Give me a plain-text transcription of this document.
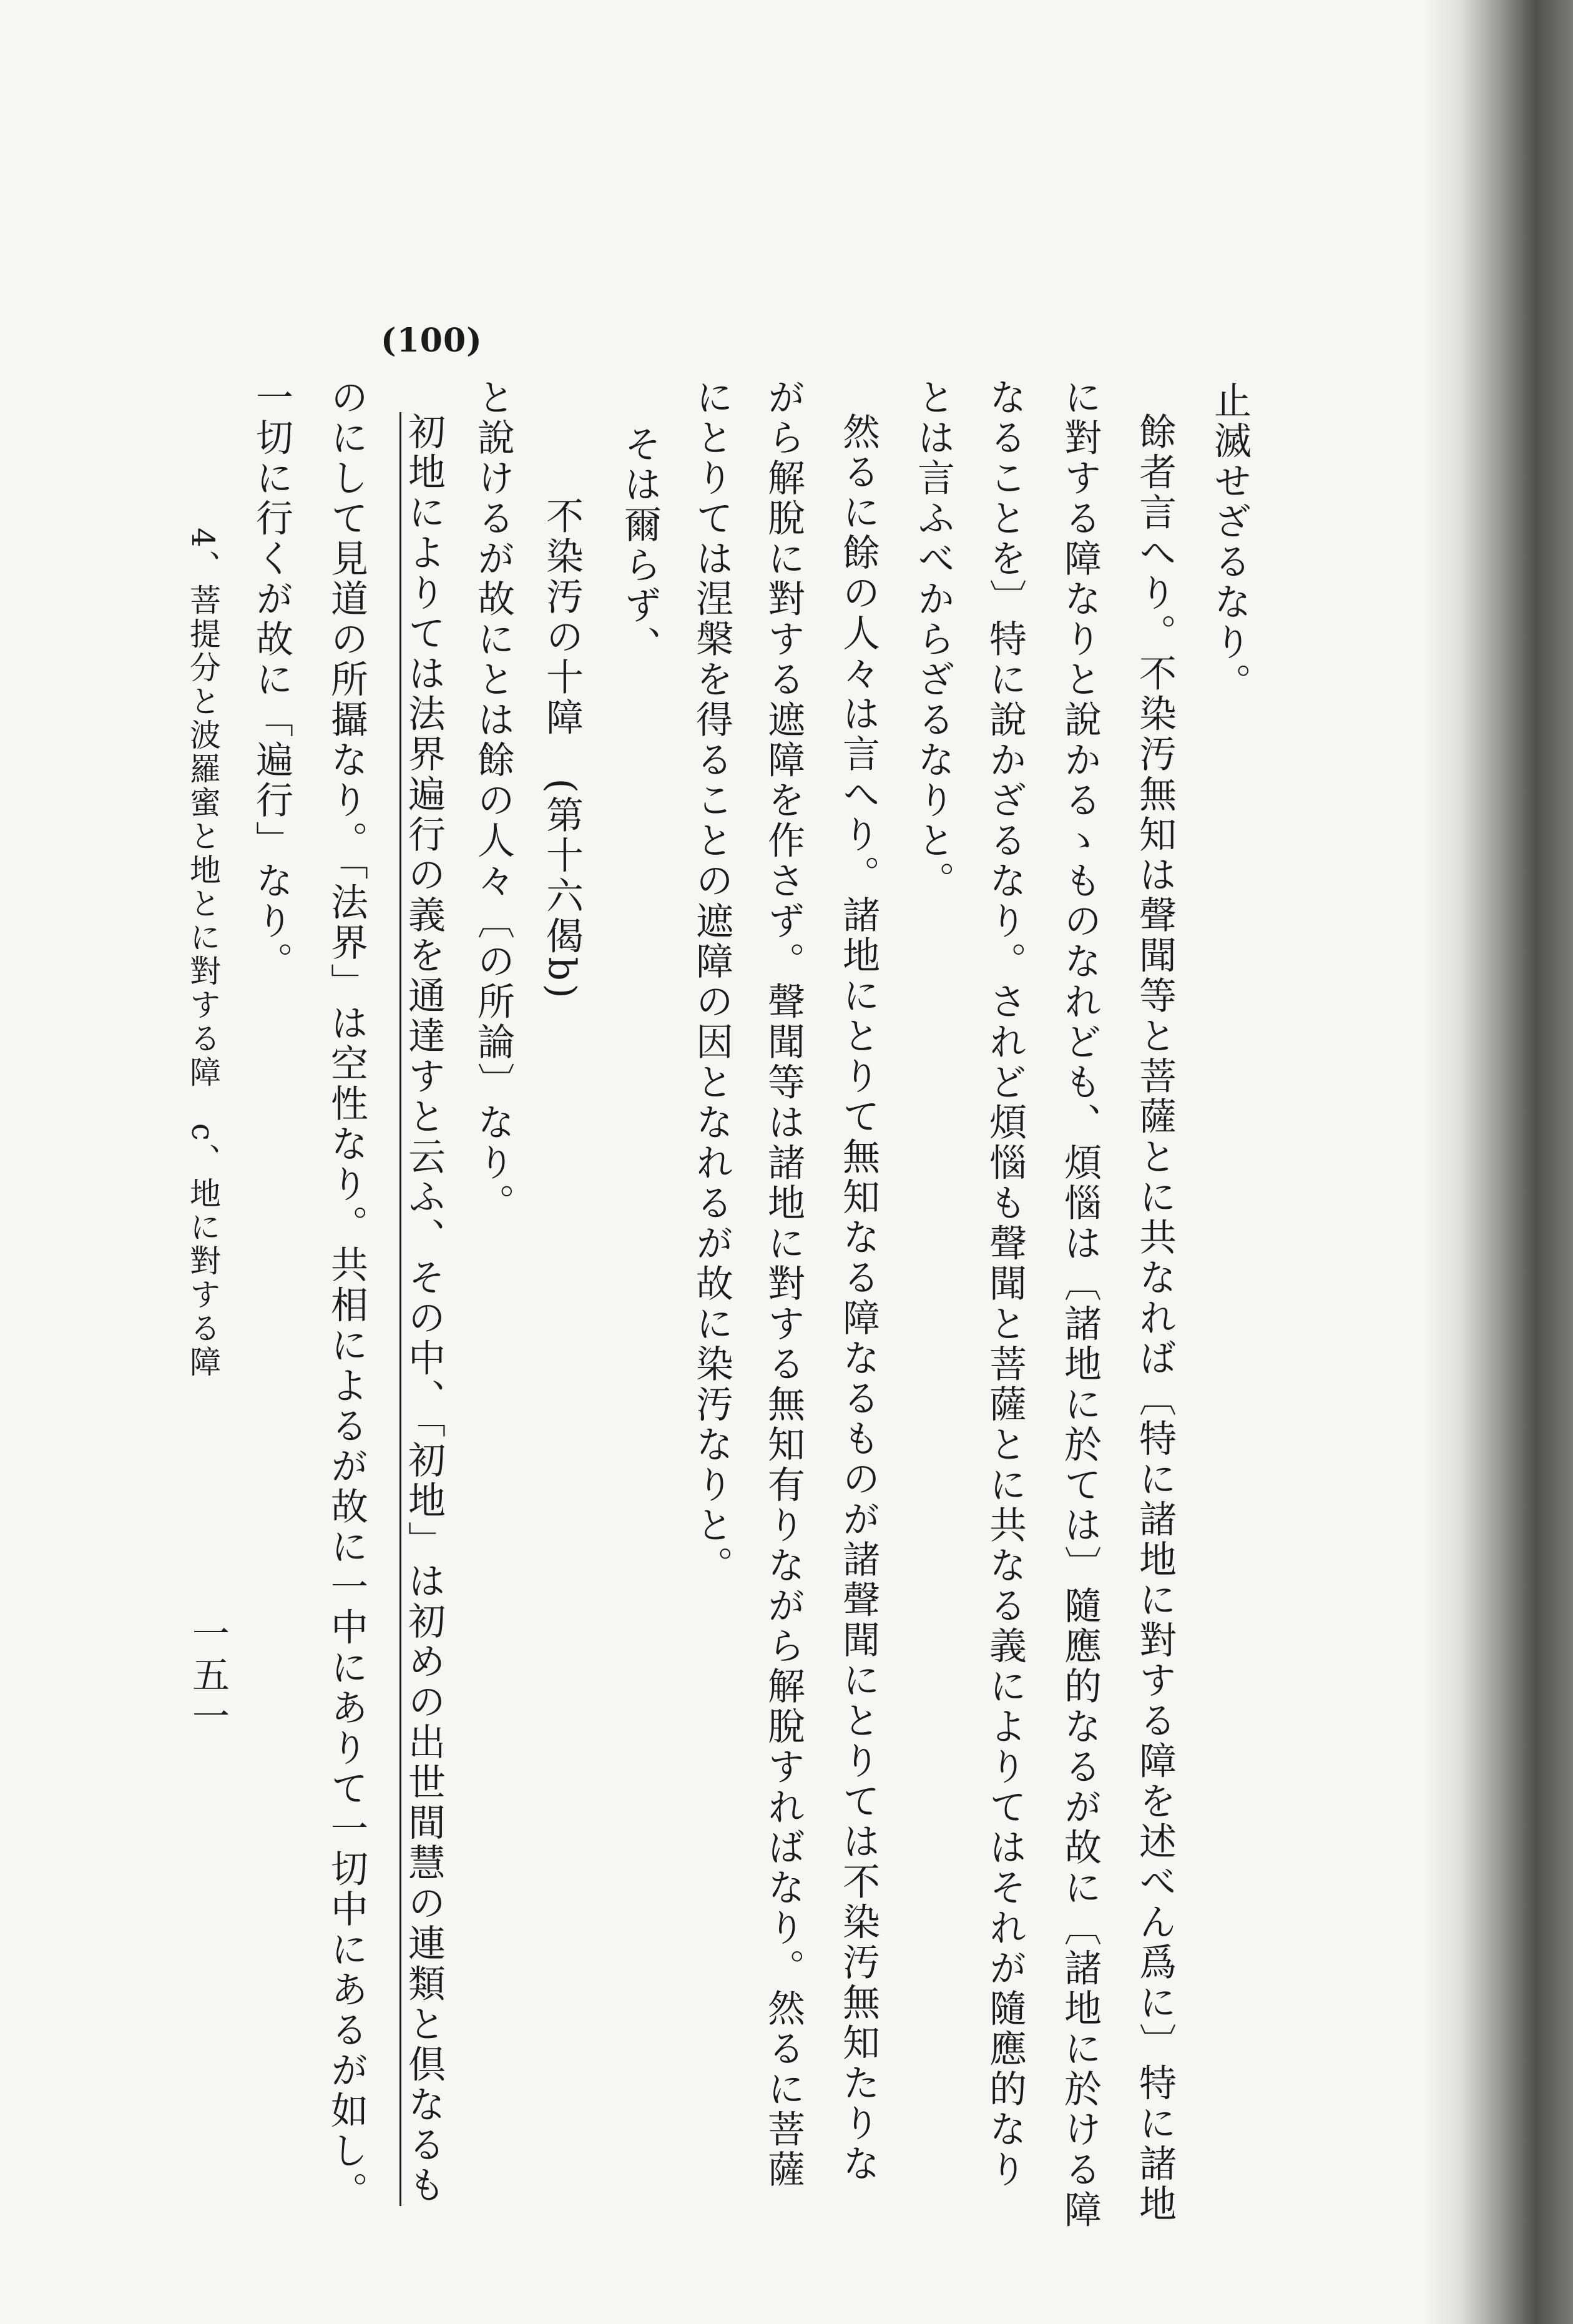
(100)
止滅せざるなり。
餘者言へり。不染汚無知は聲聞等と菩薩とに共なれば〔特に諸地に對する障を述べん爲に〕特に諸地
に對する障なりと說かるゝものなれども、煩惱は〔諸地に於ては〕隨應的なるが故に〔諸地に於ける障
なることを〕特に說かざるなり。されど煩惱も聲聞と菩薩とに共なる義によりてはそれが隨應的なり
とは言ふべからざるなりと。
然るに餘の人々は言へり。諸地にとりて無知なる障なるものが諸聲聞にとりては不染汚無知たりな
がら解脫に對する遮障を作さず。聲聞等は諸地に對する無知有りながら解脫すればなり。然るに菩薩
にとりては涅槃を得ることの遮障の因となれるが故に染汚なりと。
そは爾らず、
不染汚の十障　(第十六偈b)
と說けるが故にとは餘の人々〔の所論〕なり。
初地によりては法界遍行の義を通達すと云ふ、その中、「初地」は初めの出世間慧の連類と倶なるも
のにして見道の所攝なり。「法界」は空性なり。共相によるが故に一中にありて一切中にあるが如し。
一切に行くが故に「遍行」なり。
4、菩提分と波羅蜜と地とに對する障　c、地に對する障
一五一
